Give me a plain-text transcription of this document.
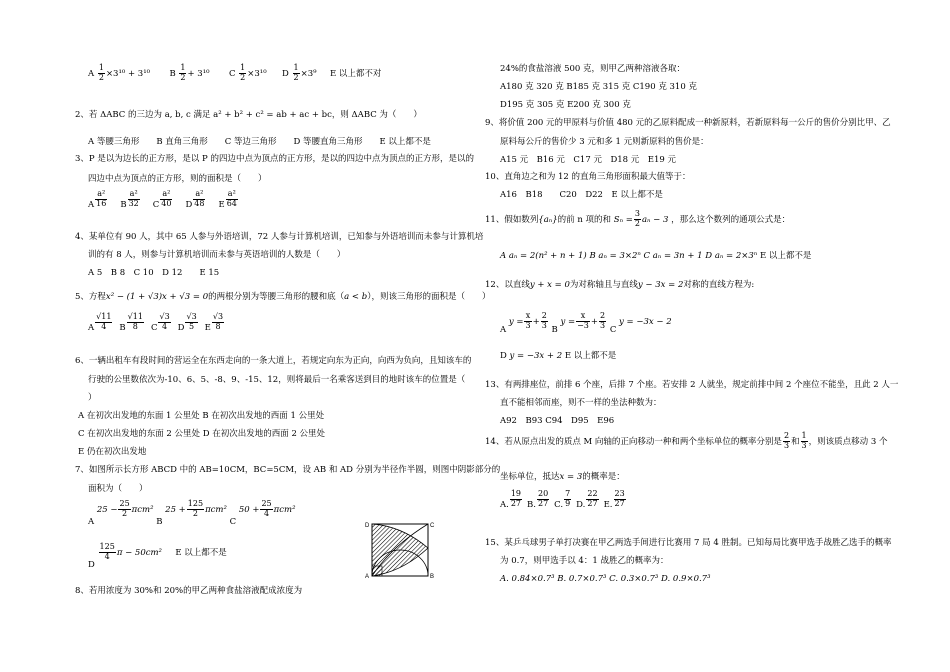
A $\frac{1}{2} \times 3^{10} + 3^{10}$ B $\frac{1}{2} + 3^{10}$ C $\frac{1}{2} \times 3^{10}$ D $\frac{1}{2} \times 3^9$ E 以上都不对
2、若 ΔABC 的三边为 a, b, c 满足 a² + b² + c² = ab + ac + bc，则 ΔABC 为（　　）
A 等腰三角形　　B 直角三角形　　C 等边三角形　　D 等腰直角三角形　　E 以上都不是
3、P 是以为边长的正方形，是以 P 的四边中点为顶点的正方形，是以的四边中点为顶点的正方形，是以的
四边中点为顶点的正方形，则的面积是（　　）
A $\frac{\text{a²}}{16}$ B $\frac{\text{a²}}{32}$ C $\frac{\text{a²}}{40}$ D $\frac{\text{a²}}{48}$ E $\frac{\text{a²}}{64}$
4、某单位有 90 人，其中 65 人参与外语培训，72 人参与计算机培训，已知参与外语培训而未参与计算机培
训的有 8 人，则参与计算机培训而未参与英语培训的人数是（　　）
A 5　B 8　C 10　D 12　　E 15
5、方程x² − (1 + √3)x + √3 = 0的两根分别为等腰三角形的腰和底（a < b），则该三角形的面积是（　　）
A $\frac{√11}{4}$ B $\frac{√11}{8}$ C $\frac{√3}{4}$ D $\frac{√3}{5}$ E $\frac{√3}{8}$
6、一辆出租车有段时间的营运全在东西走向的一条大道上，若规定向东为正向，向西为负向，且知该车的
行驶的公里数依次为-10、6、5、-8、9、-15、12，则将最后一名乘客送到目的地时该车的位置是（
）
A 在初次出发地的东面 1 公里处 B 在初次出发地的西面 1 公里处
C 在初次出发地的东面 2 公里处 D 在初次出发地的西面 2 公里处
E 仍在初次出发地
7、如图所示长方形 ABCD 中的 AB=10CM，BC=5CM，设 AB 和 AD 分别为半径作半圆，则图中阴影部分的
面积为（　　）
A $25 - \frac{25}{2} \pi cm^2$ B $25 + \frac{125}{2} \pi cm^2$ C $50 + \frac{25}{4} \pi cm^2$
D
$\frac{125}{4}$ π − 50cm² E 以上都不是
D
A
C
B
8、若用浓度为 30%和 20%的甲乙两种食盐溶液配成浓度为
24%的食盐溶液 500 克，则甲乙两种溶液各取：
A180 克 320 克 B185 克 315 克 C190 克 310 克
D195 克 305 克 E200 克 300 克
9、将价值 200 元的甲原料与价值 480 元的乙原料配成一种新原料，若新原料每一公斤的售价分别比甲、乙
原料每公斤的售价少 3 元和多 1 元则新原料的售价是：
A15 元　B16 元　C17 元　D18 元　E19 元
10、直角边之和为 12 的直角三角形面积最大值等于：
A16　B18　　C20　D22　E 以上都不是
11、假如数列{aₙ}的前 n 项的和 $S_n = \frac{3}{2}$ aₙ − 3 ，那么这个数列的通项公式是：
A aₙ = 2(n² + n + 1) B aₙ = 3×2ⁿ C aₙ = 3n + 1 D aₙ = 2×3ⁿ E 以上都不是
12、以直线y + x = 0为对称轴且与直线y − 3x = 2对称的直线方程为:
A $y = \frac{x}{3} + \frac{2}{3}$ B $y = \frac{x}{-3} + \frac{2}{3}$ C y = −3x − 2
D y = −3x + 2 E 以上都不是
13、有两排座位，前排 6 个座，后排 7 个座。若安排 2 人就坐，规定前排中间 2 个座位不能坐，且此 2 人一
直不能相邻而座，则不一样的坐法种数为：
A92　B93 C94　D95　E96
14、若从原点出发的质点 M 向轴的正向移动一种和两个坐标单位的概率分别是 $\frac{2}{3}$ 和 $\frac{1}{3}$ ，则该质点移动 3 个
坐标单位，抵达x = 3的概率是：
A. $\frac{19}{27} B$. $\frac{20}{27} C$. $\frac{7}{9} D$. $\frac{22}{27} E$. $\frac{23}{27}$
15、某乒乓球男子单打决赛在甲乙两选手间进行比赛用 7 局 4 胜制。已知每局比赛甲选手战胜乙选手的概率
为 0.7，则甲选手以 4：1 战胜乙的概率为：
A. 0.84×0.7³ B. 0.7×0.7³ C. 0.3×0.7³ D. 0.9×0.7³
